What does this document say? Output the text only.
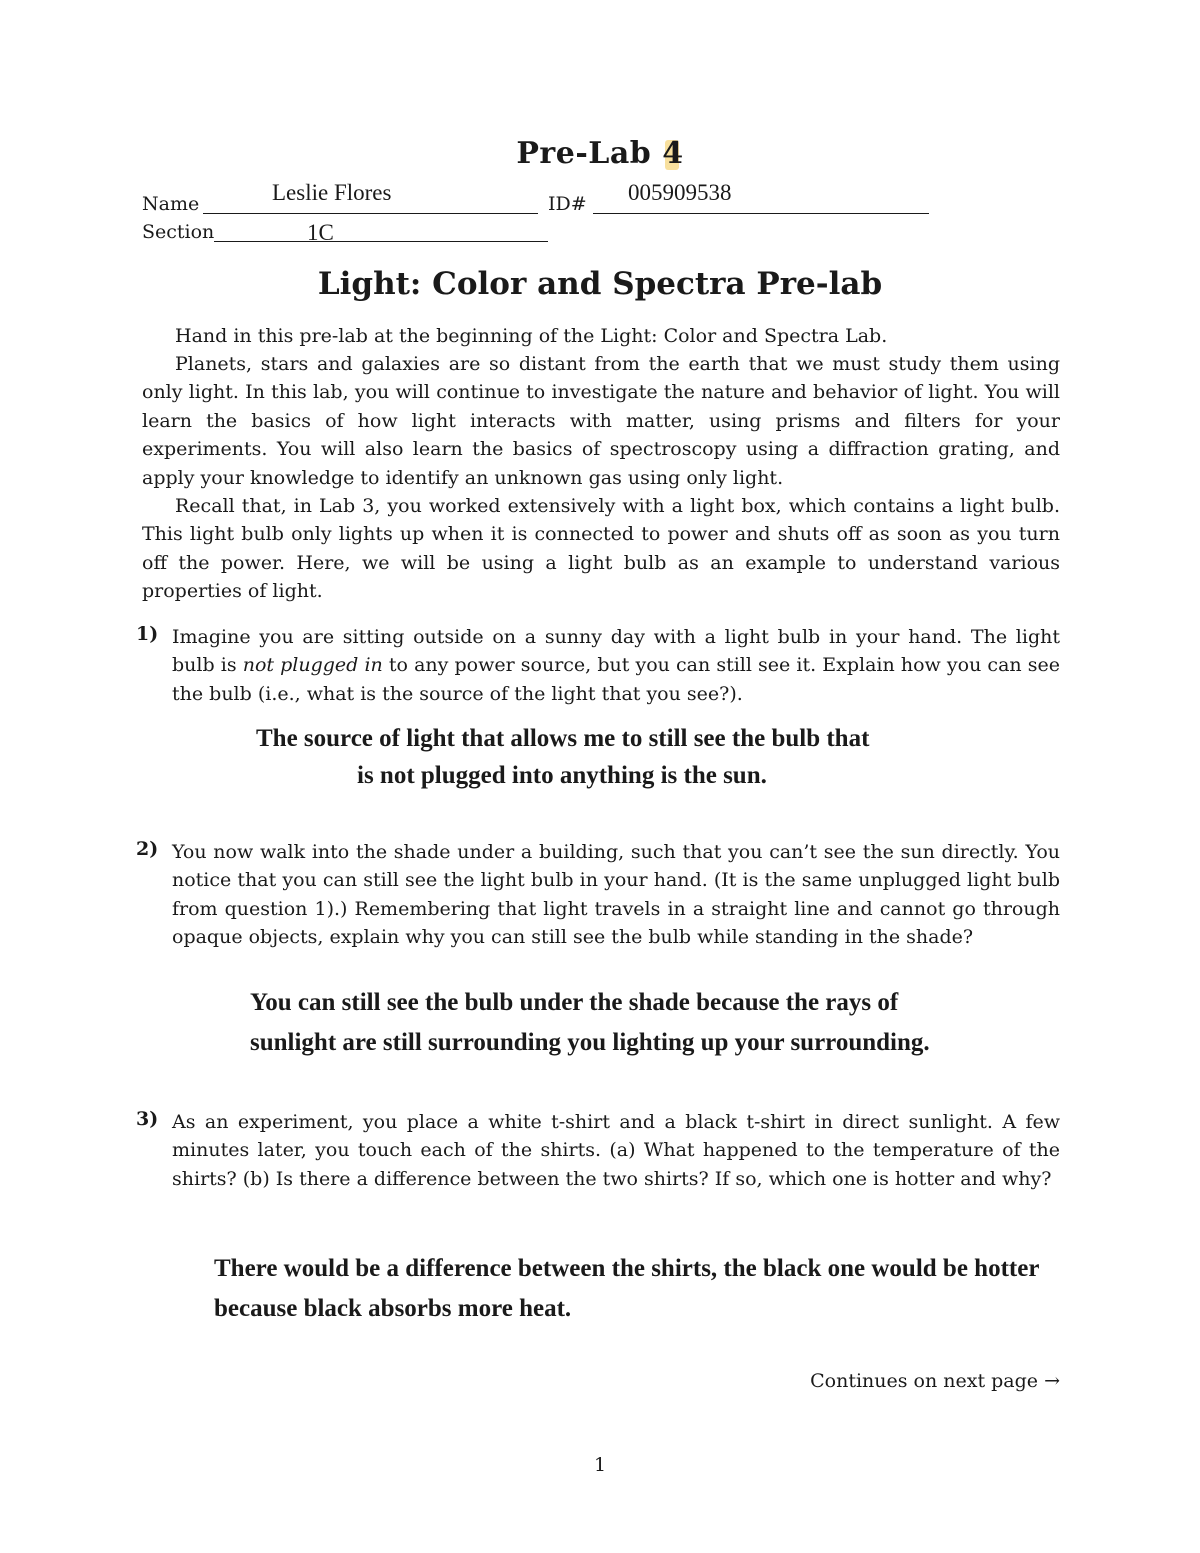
Pre-Lab
4
Name	Leslie Flores	ID# 005909538
Section	1C
Light: Color and Spectra Pre-lab

Hand in this pre-lab at the beginning of the Light: Color and Spectra Lab.

Planets, stars and galaxies are so distant from the earth that we must study them using only light. In this lab, you will continue to investigate the nature and behavior of light. You will learn the basics of how light interacts with matter, using prisms and filters for your experiments. You will also learn the basics of spectroscopy using a diffraction grating, and apply your knowledge to identify an unknown gas using only light.

Recall that, in Lab 3, you worked extensively with a light box, which contains a light bulb. This light bulb only lights up when it is connected to power and shuts off as soon as you turn off the power. Here, we will be using a light bulb as an example to understand various properties of light.

1) Imagine you are sitting outside on a sunny day with a light bulb in your hand. The light bulb is not plugged in to any power source, but you can still see it. Explain how you can see the bulb (i.e., what is the source of the light that you see?).

The source of light that allows me to still see the bulb that
is not plugged into anything is the sun.
2) You now walk into the shade under a building, such that you can’t see the sun directly. You notice that you can still see the light bulb in your hand. (It is the same unplugged light bulb from question 1).) Remembering that light travels in a straight line and cannot go through opaque objects, explain why you can still see the bulb while standing in the shade?

You can still see the bulb under the shade because the rays of
sunlight are still surrounding you lighting up your surrounding.
3) As an experiment, you place a white t-shirt and a black t-shirt in direct sunlight. A few minutes later, you touch each of the shirts. (a) What happened to the temperature of the shirts? (b) Is there a difference between the two shirts? If so, which one is hotter and why?

There would be a difference between the shirts, the black one would be hotter
because black absorbs more heat.
Continues on next page →
1
